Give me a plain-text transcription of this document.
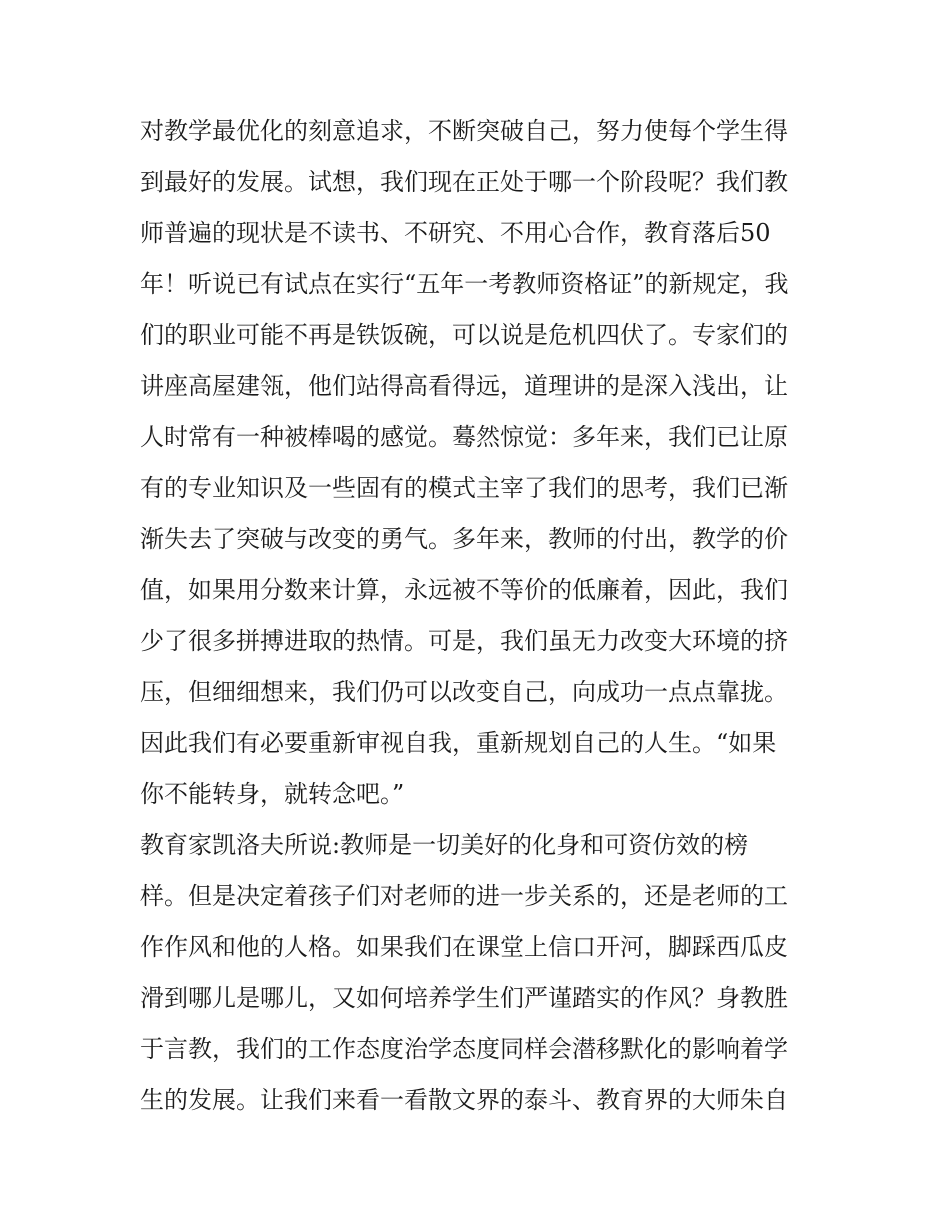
对教学最优化的刻意追求，不断突破自己，努力使每个学生得
到最好的发展。试想，我们现在正处于哪一个阶段呢？我们教
师普遍的现状是不读书、不研究、不用心合作，教育落后50
年！听说已有试点在实行“五年一考教师资格证”的新规定，我
们的职业可能不再是铁饭碗，可以说是危机四伏了。专家们的
讲座高屋建瓴，他们站得高看得远，道理讲的是深入浅出，让
人时常有一种被棒喝的感觉。蓦然惊觉：多年来，我们已让原
有的专业知识及一些固有的模式主宰了我们的思考，我们已渐
渐失去了突破与改变的勇气。多年来，教师的付出，教学的价
值，如果用分数来计算，永远被不等价的低廉着，因此，我们
少了很多拼搏进取的热情。可是，我们虽无力改变大环境的挤
压，但细细想来，我们仍可以改变自己，向成功一点点靠拢。
因此我们有必要重新审视自我，重新规划自己的人生。“如果
你不能转身，就转念吧。”
教育家凯洛夫所说:教师是一切美好的化身和可资仿效的榜
样。但是决定着孩子们对老师的进一步关系的，还是老师的工
作作风和他的人格。如果我们在课堂上信口开河，脚踩西瓜皮
滑到哪儿是哪儿，又如何培养学生们严谨踏实的作风？身教胜
于言教，我们的工作态度治学态度同样会潜移默化的影响着学
生的发展。让我们来看一看散文界的泰斗、教育界的大师朱自
